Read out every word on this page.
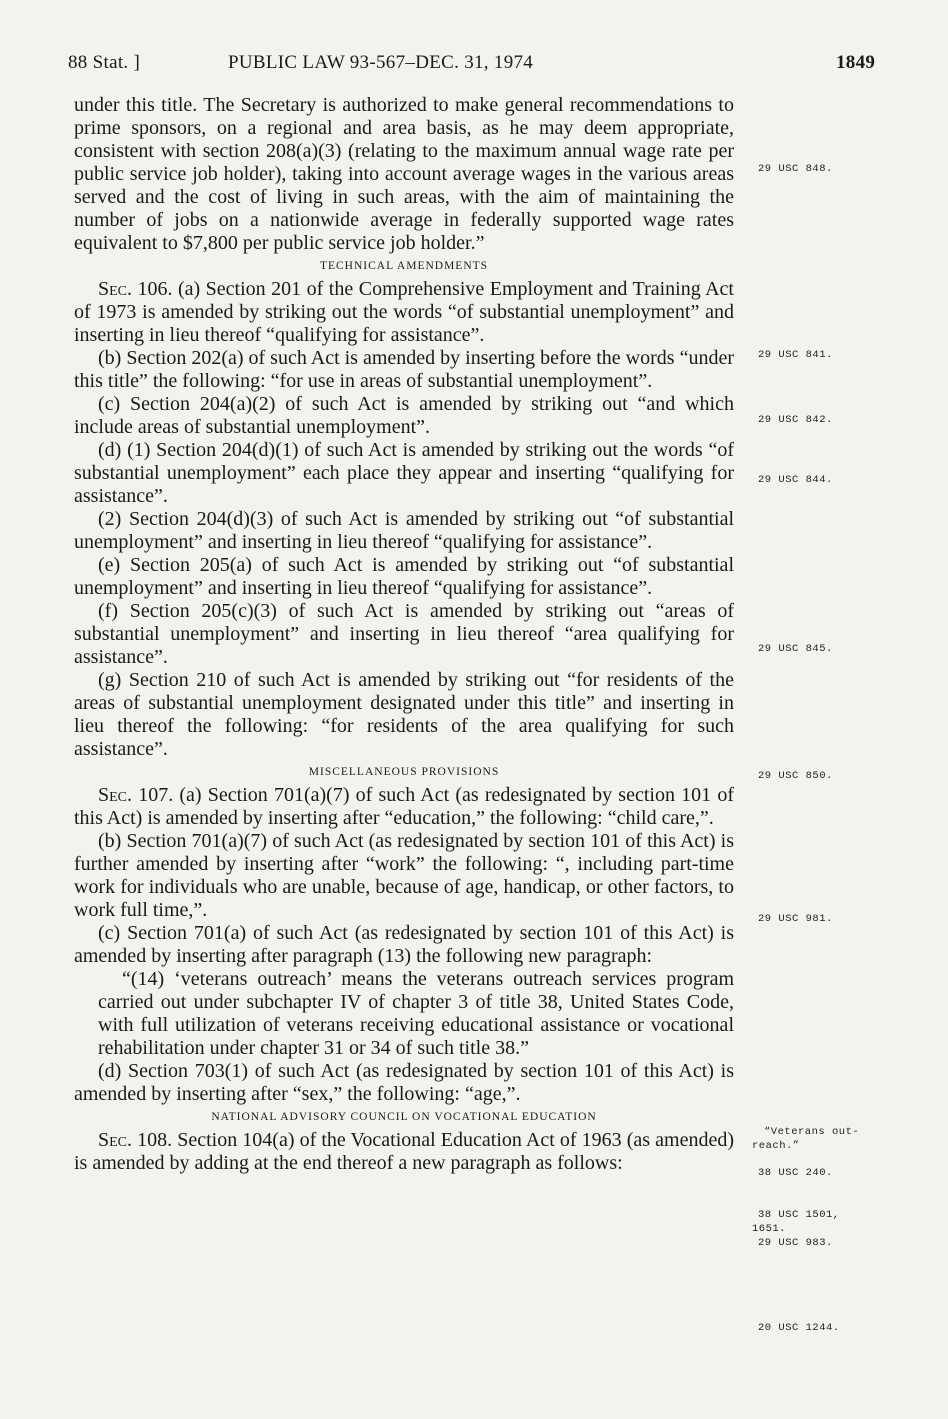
88 Stat. ]	PUBLIC LAW 93-567–DEC. 31, 1974	1849

under this title. The Secretary is authorized to make general recommendations to prime sponsors, on a regional and area basis, as he may deem appropriate, consistent with section 208(a)(3) (relating to the maximum annual wage rate per public service job holder), taking into account average wages in the various areas served and the cost of living in such areas, with the aim of maintaining the number of jobs on a nationwide average in federally supported wage rates equivalent to $7,800 per public service job holder.”

TECHNICAL AMENDMENTS

Sec. 106. (a) Section 201 of the Comprehensive Employment and Training Act of 1973 is amended by striking out the words “of substantial unemployment” and inserting in lieu thereof “qualifying for assistance”.

(b) Section 202(a) of such Act is amended by inserting before the words “under this title” the following: “for use in areas of substantial unemployment”.

(c) Section 204(a)(2) of such Act is amended by striking out “and which include areas of substantial unemployment”.

(d) (1) Section 204(d)(1) of such Act is amended by striking out the words “of substantial unemployment” each place they appear and inserting “qualifying for assistance”.

(2) Section 204(d)(3) of such Act is amended by striking out “of substantial unemployment” and inserting in lieu thereof “qualifying for assistance”.

(e) Section 205(a) of such Act is amended by striking out “of substantial unemployment” and inserting in lieu thereof “qualifying for assistance”.

(f) Section 205(c)(3) of such Act is amended by striking out “areas of substantial unemployment” and inserting in lieu thereof “area qualifying for assistance”.

(g) Section 210 of such Act is amended by striking out “for residents of the areas of substantial unemployment designated under this title” and inserting in lieu thereof the following: “for residents of the area qualifying for such assistance”.

MISCELLANEOUS PROVISIONS

Sec. 107. (a) Section 701(a)(7) of such Act (as redesignated by section 101 of this Act) is amended by inserting after “education,” the following: “child care,”.

(b) Section 701(a)(7) of such Act (as redesignated by section 101 of this Act) is further amended by inserting after “work” the following: “, including part-time work for individuals who are unable, because of age, handicap, or other factors, to work full time,”.

(c) Section 701(a) of such Act (as redesignated by section 101 of this Act) is amended by inserting after paragraph (13) the following new paragraph:

“(14) ‘veterans outreach’ means the veterans outreach services program carried out under subchapter IV of chapter 3 of title 38, United States Code, with full utilization of veterans receiving educational assistance or vocational rehabilitation under chapter 31 or 34 of such title 38.”

(d) Section 703(1) of such Act (as redesignated by section 101 of this Act) is amended by inserting after “sex,” the following: “age,”.

NATIONAL ADVISORY COUNCIL ON VOCATIONAL EDUCATION

Sec. 108. Section 104(a) of the Vocational Education Act of 1963 (as amended) is amended by adding at the end thereof a new paragraph as follows:

29 USC 848.
29 USC 841.
29 USC 842.
29 USC 844.
29 USC 845.
29 USC 850.
29 USC 981.
“Veterans out-
reach.”
38 USC 240.
38 USC 1501,
1651.
29 USC 983.
20 USC 1244.
